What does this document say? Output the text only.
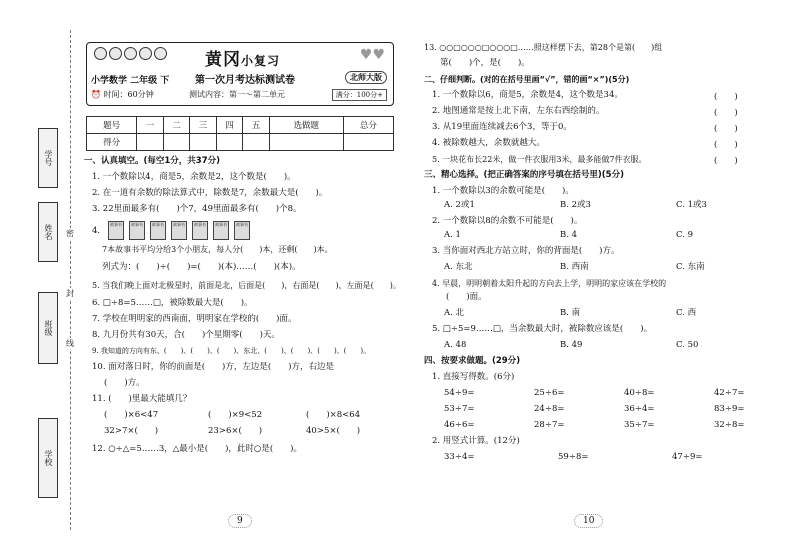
学号
姓名
班级
学校
密
封
线
黄冈小复习	♥♥
小学数学 二年级 下	第一次月考达标测试卷	北师大版
⏰ 时间：60分钟	测试内容：第一～第二单元	满分：100分+
题号	一	二	三	四	五	选做题	总分
得分							
一、认真填空。(每空1分，共37分)
1. 一个数除以4，商是5，余数是2，这个数是(　　)。
2. 在一道有余数的除法算式中，除数是7，余数最大是(　　)。
3. 22里面最多有(　　)个7，49里面最多有(　　)个8。
4.
故事书 故事书 故事书 故事书 故事书 故事书 故事书
7本故事书平均分给3个小朋友，每人分(　　)本，还剩(　　)本。
列式为：(　　)÷(　　)=(　　)(本)……(　　)(本)。
5. 当我们晚上面对北极星时，前面是北，后面是(　　)，右面是(　　)，左面是(　　)。
6. □÷8=5……□，被除数最大是(　　)。
7. 学校在明明家的西南面，明明家在学校的(　　)面。
8. 九月份共有30天，合(　　)个星期零(　　)天。
9. 我知道的方向有东、(　　)、(　　)、(　　)、东北、(　　)、(　　)、(　　)、(　　)。
10. 面对落日时，你的前面是(　　)方，左边是(　　)方，右边是
(　　)方。
11. (　　)里最大能填几？
(　　)×6<47	(　　)×9<52	(　　)×8<64
32>7×(　　)	23>6×(　　)	40>5×(　　)
12. ○÷△=5……3，△最小是(　　)，此时○是(　　)。
9
13. ○○□○○○□○○○□……照这样摆下去，第28个是第(　　)组
第(　　)个，是(　　)。
二、仔细判断。(对的在括号里画“√”，错的画“×”)(5分)
1. 一个数除以6，商是5，余数是4，这个数是34。	(　　)
2. 地图通常是按上北下南，左东右西绘制的。	(　　)
3. 从19里面连续减去6个3，等于0。	(　　)
4. 被除数越大，余数就越大。	(　　)
5. 一块花布长22米，做一件衣服用3米，最多能做7件衣服。	(　　)
三、精心选择。(把正确答案的序号填在括号里)(5分)
1. 一个数除以3的余数可能是(　　)。
A. 2或1	B. 2或3	C. 1或3
2. 一个数除以8的余数不可能是(　　)。
A. 1	B. 4	C. 9
3. 当你面对西北方站立时，你的背面是(　　)方。
A. 东北	B. 西南	C. 东南
4. 早晨，明明朝着太阳升起的方向去上学，明明的家应该在学校的
(　　)面。
A. 北	B. 南	C. 西
5. □÷5=9……□，当余数最大时，被除数应该是(　　)。
A. 48	B. 49	C. 50
四、按要求做题。(29分)
1. 直接写得数。(6分)
54÷9=	25÷6=	40÷8=	42÷7=
53÷7=	24÷8=	36÷4=	83÷9=
46÷6=	28÷7=	35÷7=	32÷8=
2. 用竖式计算。(12分)
33÷4=	59÷8=	47÷9=
10
